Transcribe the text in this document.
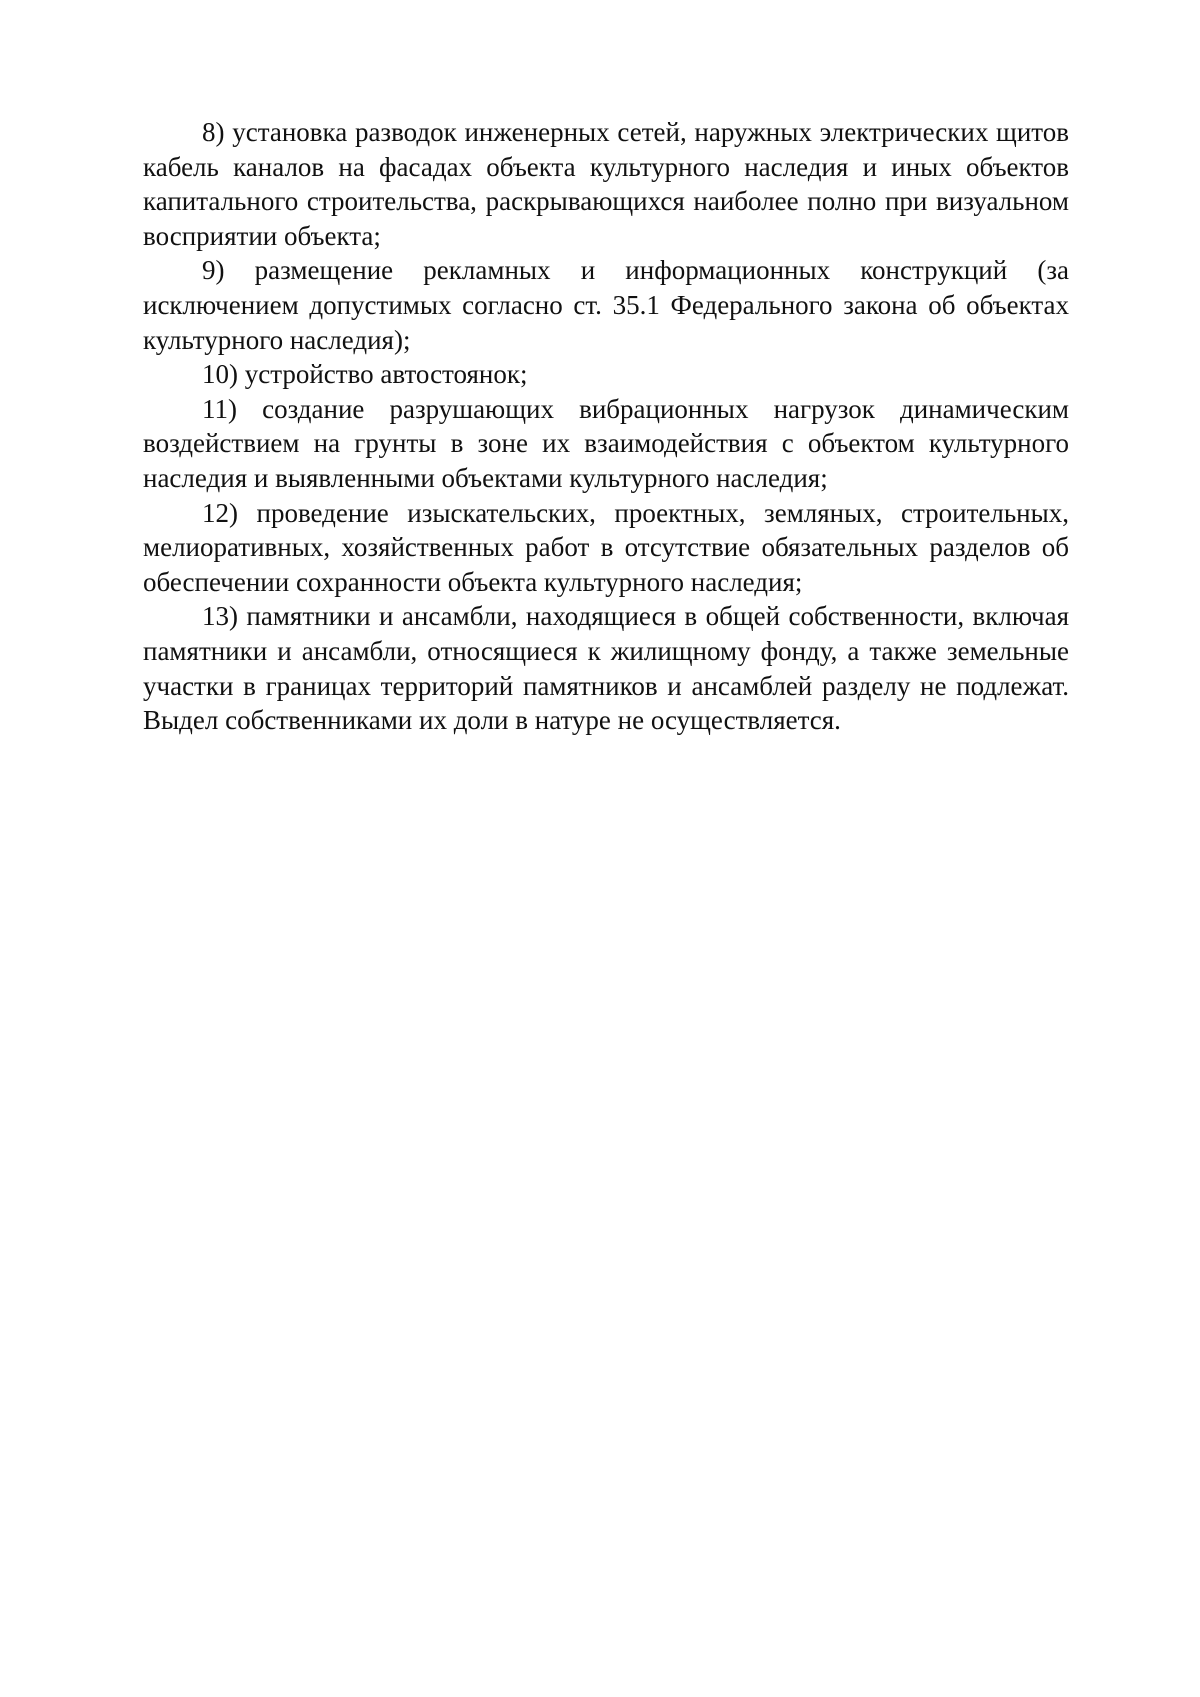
8) установка разводок инженерных сетей, наружных электрических щитов кабель каналов на фасадах объекта культурного наследия и иных объектов капитального строительства, раскрывающихся наиболее полно при визуальном восприятии объекта;

9) размещение рекламных и информационных конструкций (за исключением допустимых согласно ст. 35.1 Федерального закона об объектах культурного наследия);

10) устройство автостоянок;

11) создание разрушающих вибрационных нагрузок динамическим воздействием на грунты в зоне их взаимодействия с объектом культурного наследия и выявленными объектами культурного наследия;

12) проведение изыскательских, проектных, земляных, строительных, мелиоративных, хозяйственных работ в отсутствие обязательных разделов об обеспечении сохранности объекта культурного наследия;

13) памятники и ансамбли, находящиеся в общей собственности, включая памятники и ансамбли, относящиеся к жилищному фонду, а также земельные участки в границах территорий памятников и ансамблей разделу не подлежат. Выдел собственниками их доли в натуре не осуществляется.
